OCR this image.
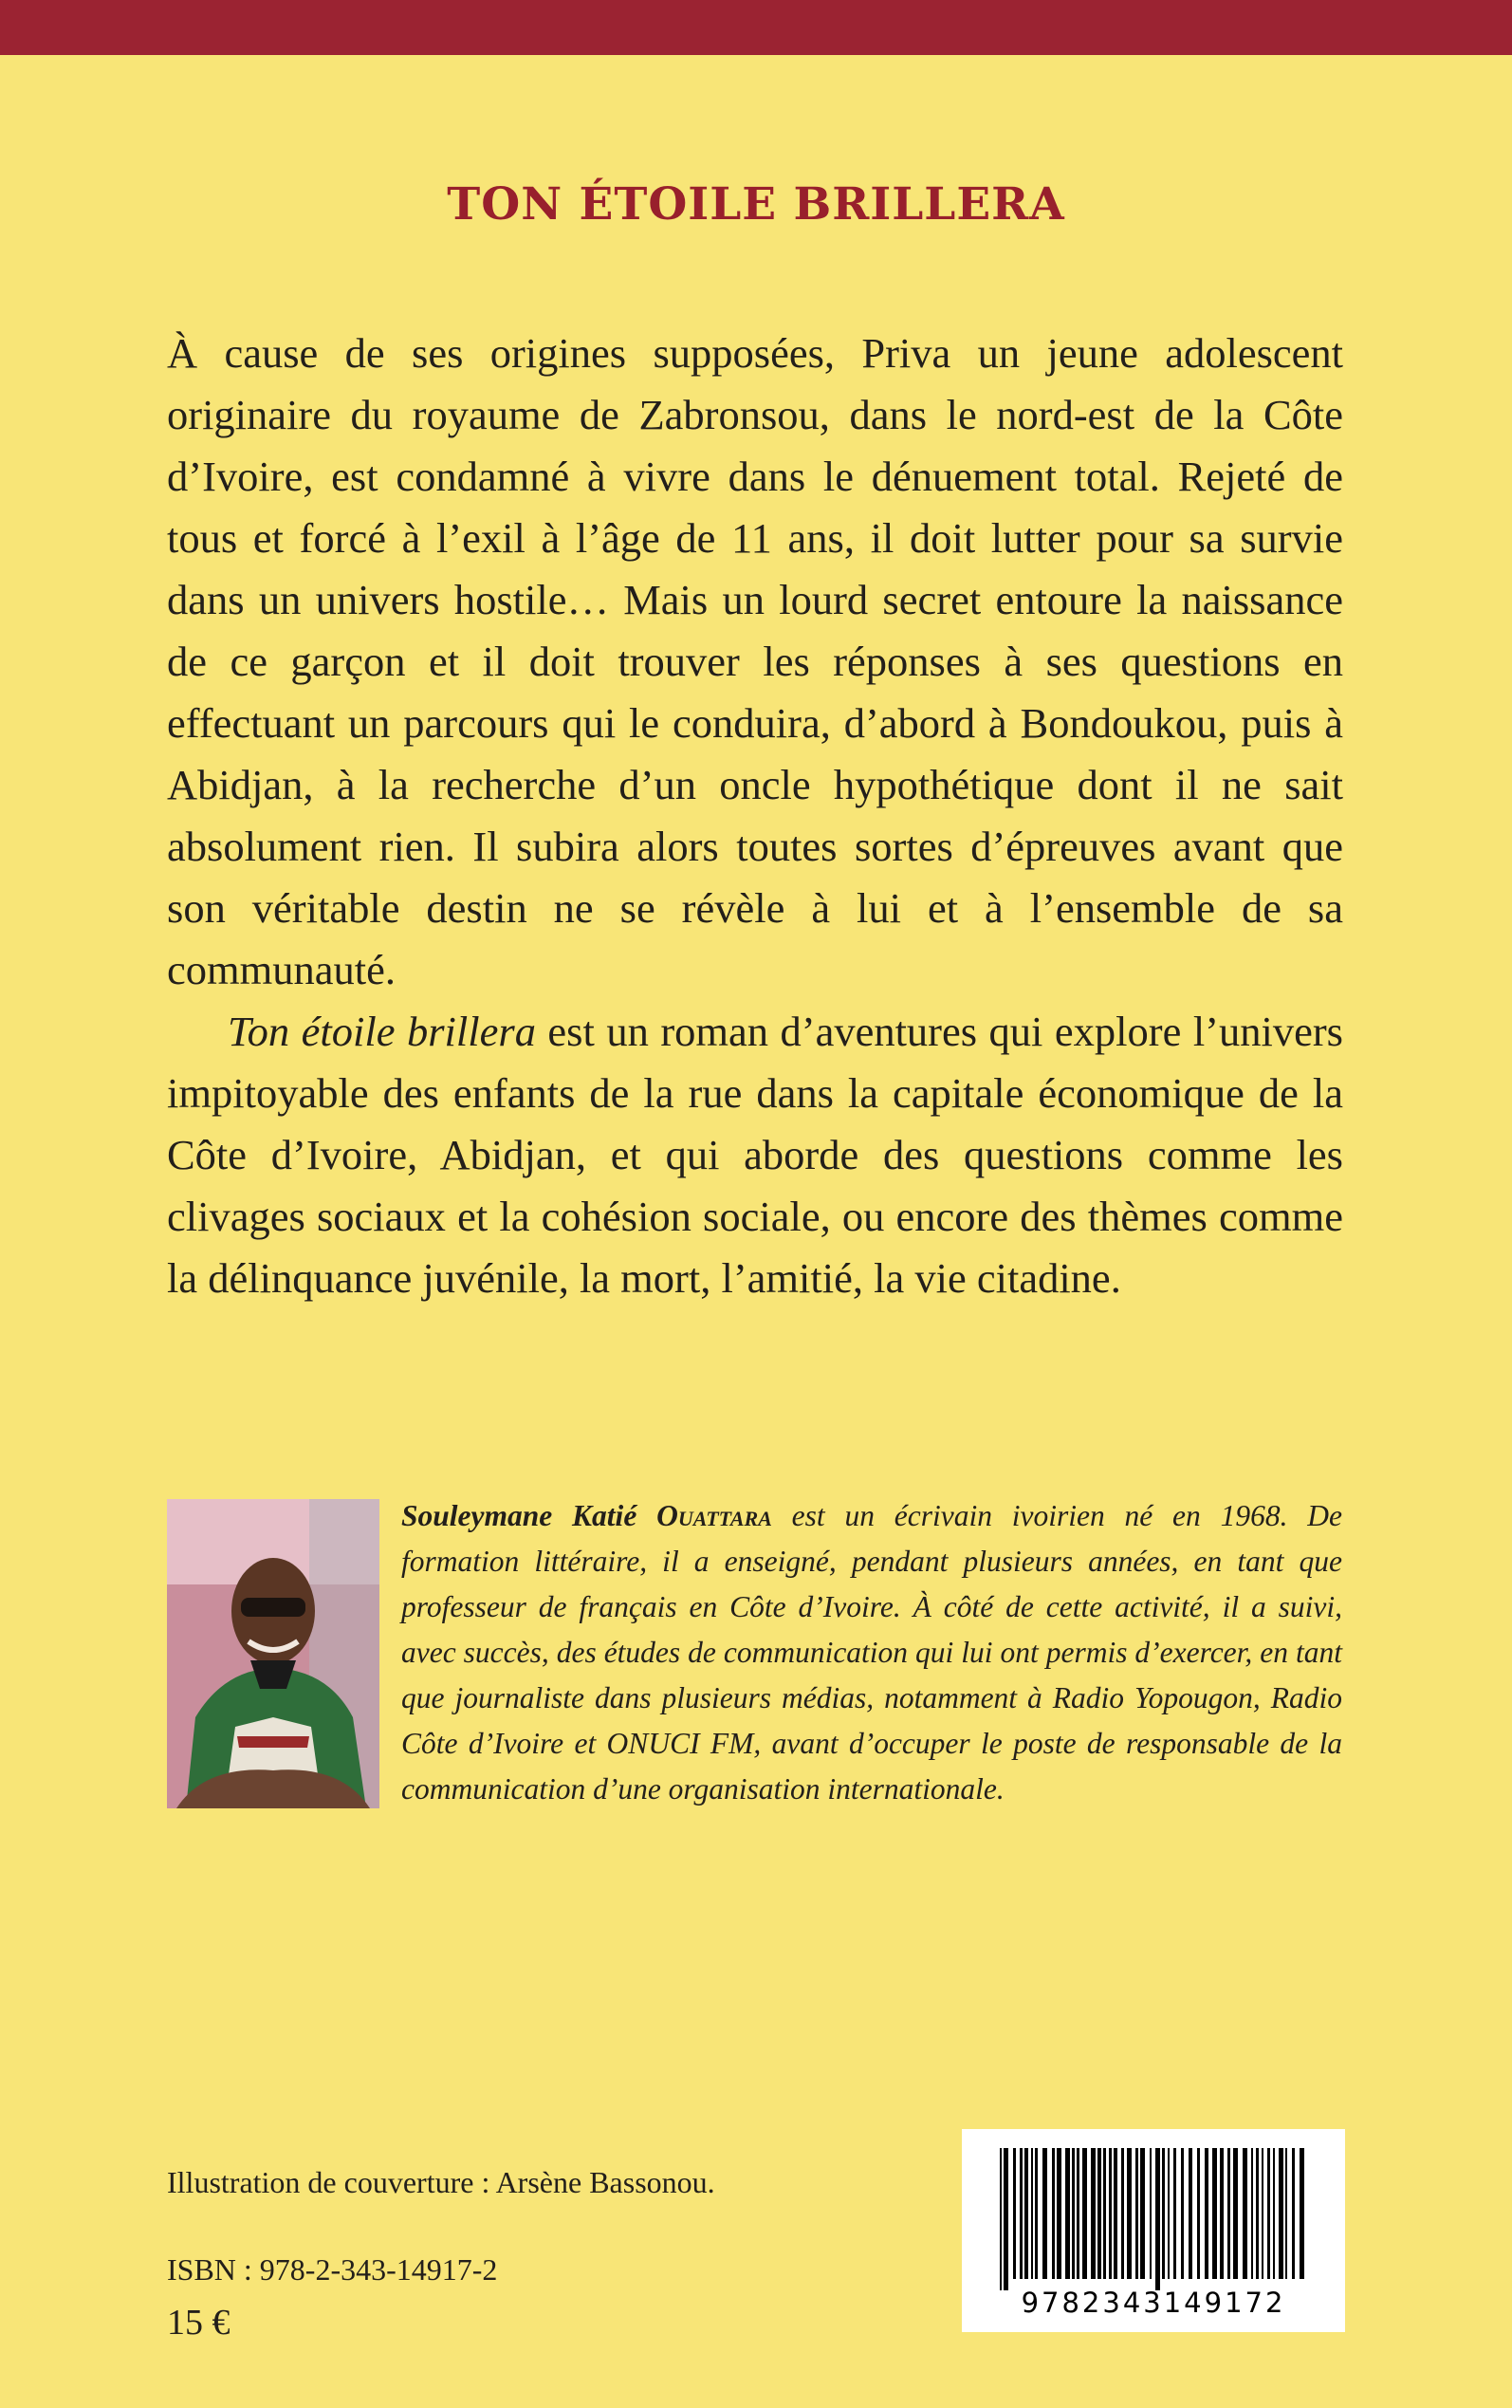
TON ÉTOILE BRILLERA

À cause de ses origines supposées, Priva un jeune adolescent originaire du royaume de Zabronsou, dans le nord-est de la Côte d’Ivoire, est condamné à vivre dans le dénuement total. Rejeté de tous et forcé à l’exil à l’âge de 11 ans, il doit lutter pour sa survie dans un univers hostile… Mais un lourd secret entoure la naissance de ce garçon et il doit trouver les réponses à ses questions en effectuant un parcours qui le conduira, d’abord à Bondoukou, puis à Abidjan, à la recherche d’un oncle hypothétique dont il ne sait absolument rien. Il subira alors toutes sortes d’épreuves avant que son véritable destin ne se révèle à lui et à l’ensemble de sa communauté.

Ton étoile brillera est un roman d’aventures qui explore l’univers impitoyable des enfants de la rue dans la capitale économique de la Côte d’Ivoire, Abidjan, et qui aborde des questions comme les clivages sociaux et la cohésion sociale, ou encore des thèmes comme la délinquance juvénile, la mort, l’amitié, la vie citadine.

Souleymane Katié Ouattara est un écrivain ivoirien né en 1968. De formation littéraire, il a enseigné, pendant plusieurs années, en tant que professeur de français en Côte d’Ivoire. À côté de cette activité, il a suivi, avec succès, des études de communication qui lui ont permis d’exercer, en tant que journaliste dans plusieurs médias, notamment à Radio Yopougon, Radio Côte d’Ivoire et ONUCI FM, avant d’occuper le poste de responsable de la communication d’une organisation internationale.

Illustration de couverture : Arsène Bassonou.

ISBN : 978-2-343-14917-2

15 €	9782343149172
